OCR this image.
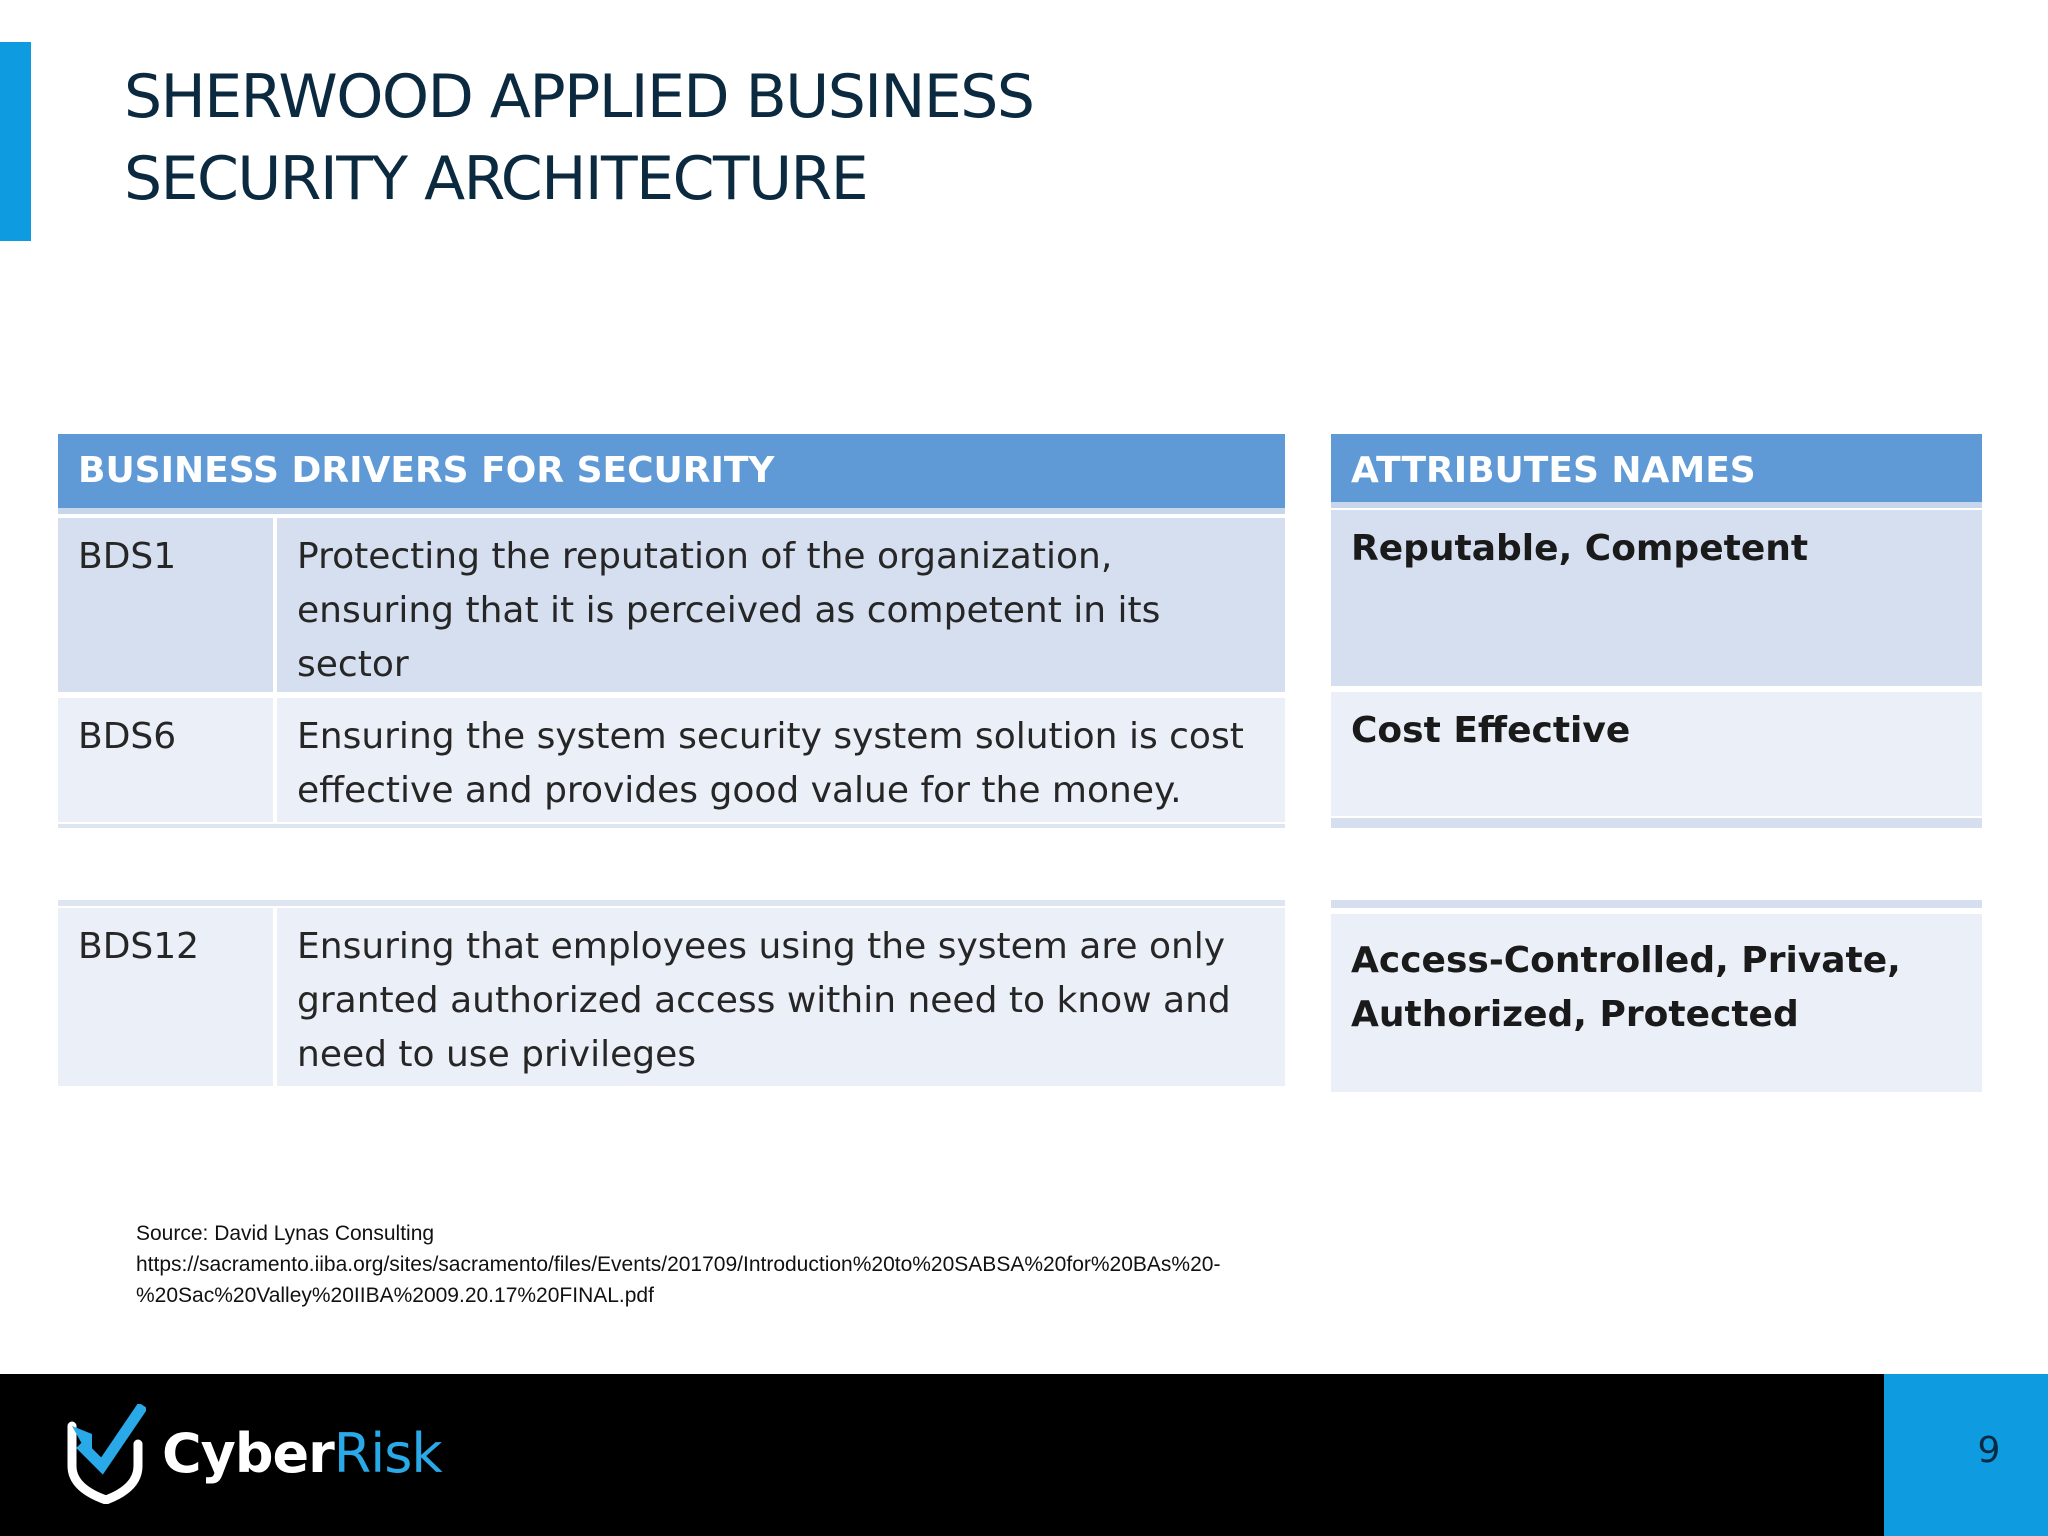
SHERWOOD APPLIED BUSINESS
SECURITY ARCHITECTURE
BUSINESS DRIVERS FOR SECURITY
BDS1	Protecting the reputation of the organization, ensuring that it is perceived as competent in its sector
BDS6	Ensuring the system security system solution is cost effective and provides good value for the money.
BDS12	Ensuring that employees using the system are only granted authorized access within need to know and need to use privileges
ATTRIBUTES NAMES
Reputable, Competent
Cost Effective
Access-Controlled, Private, Authorized, Protected

Source: David Lynas Consulting
https://sacramento.iiba.org/sites/sacramento/files/Events/201709/Introduction%20to%20SABSA%20for%20BAs%20-
%20Sac%20Valley%20IIBA%2009.20.17%20FINAL.pdf

CyberRisk	9
